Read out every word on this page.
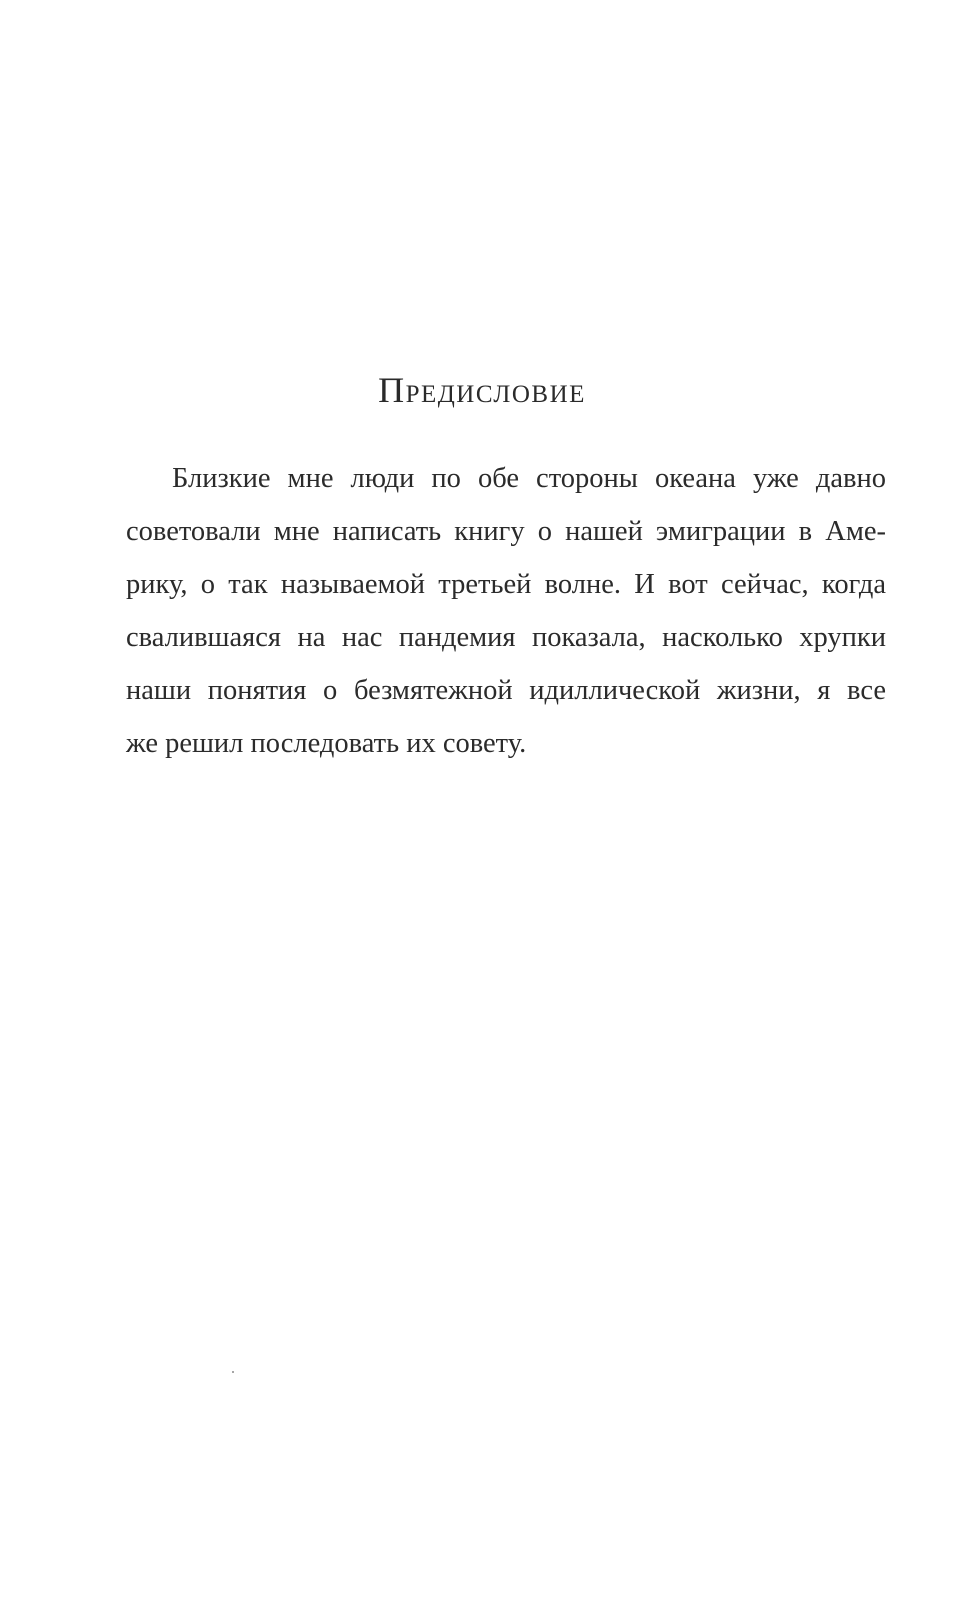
Предисловие
Близкие мне люди по обе стороны океана уже давно
советовали мне написать книгу о нашей эмиграции в Аме-
рику, о так называемой третьей волне. И вот сейчас, когда
свалившаяся на нас пандемия показала, насколько хрупки
наши понятия о безмятежной идиллической жизни, я все
же решил последовать их совету.
